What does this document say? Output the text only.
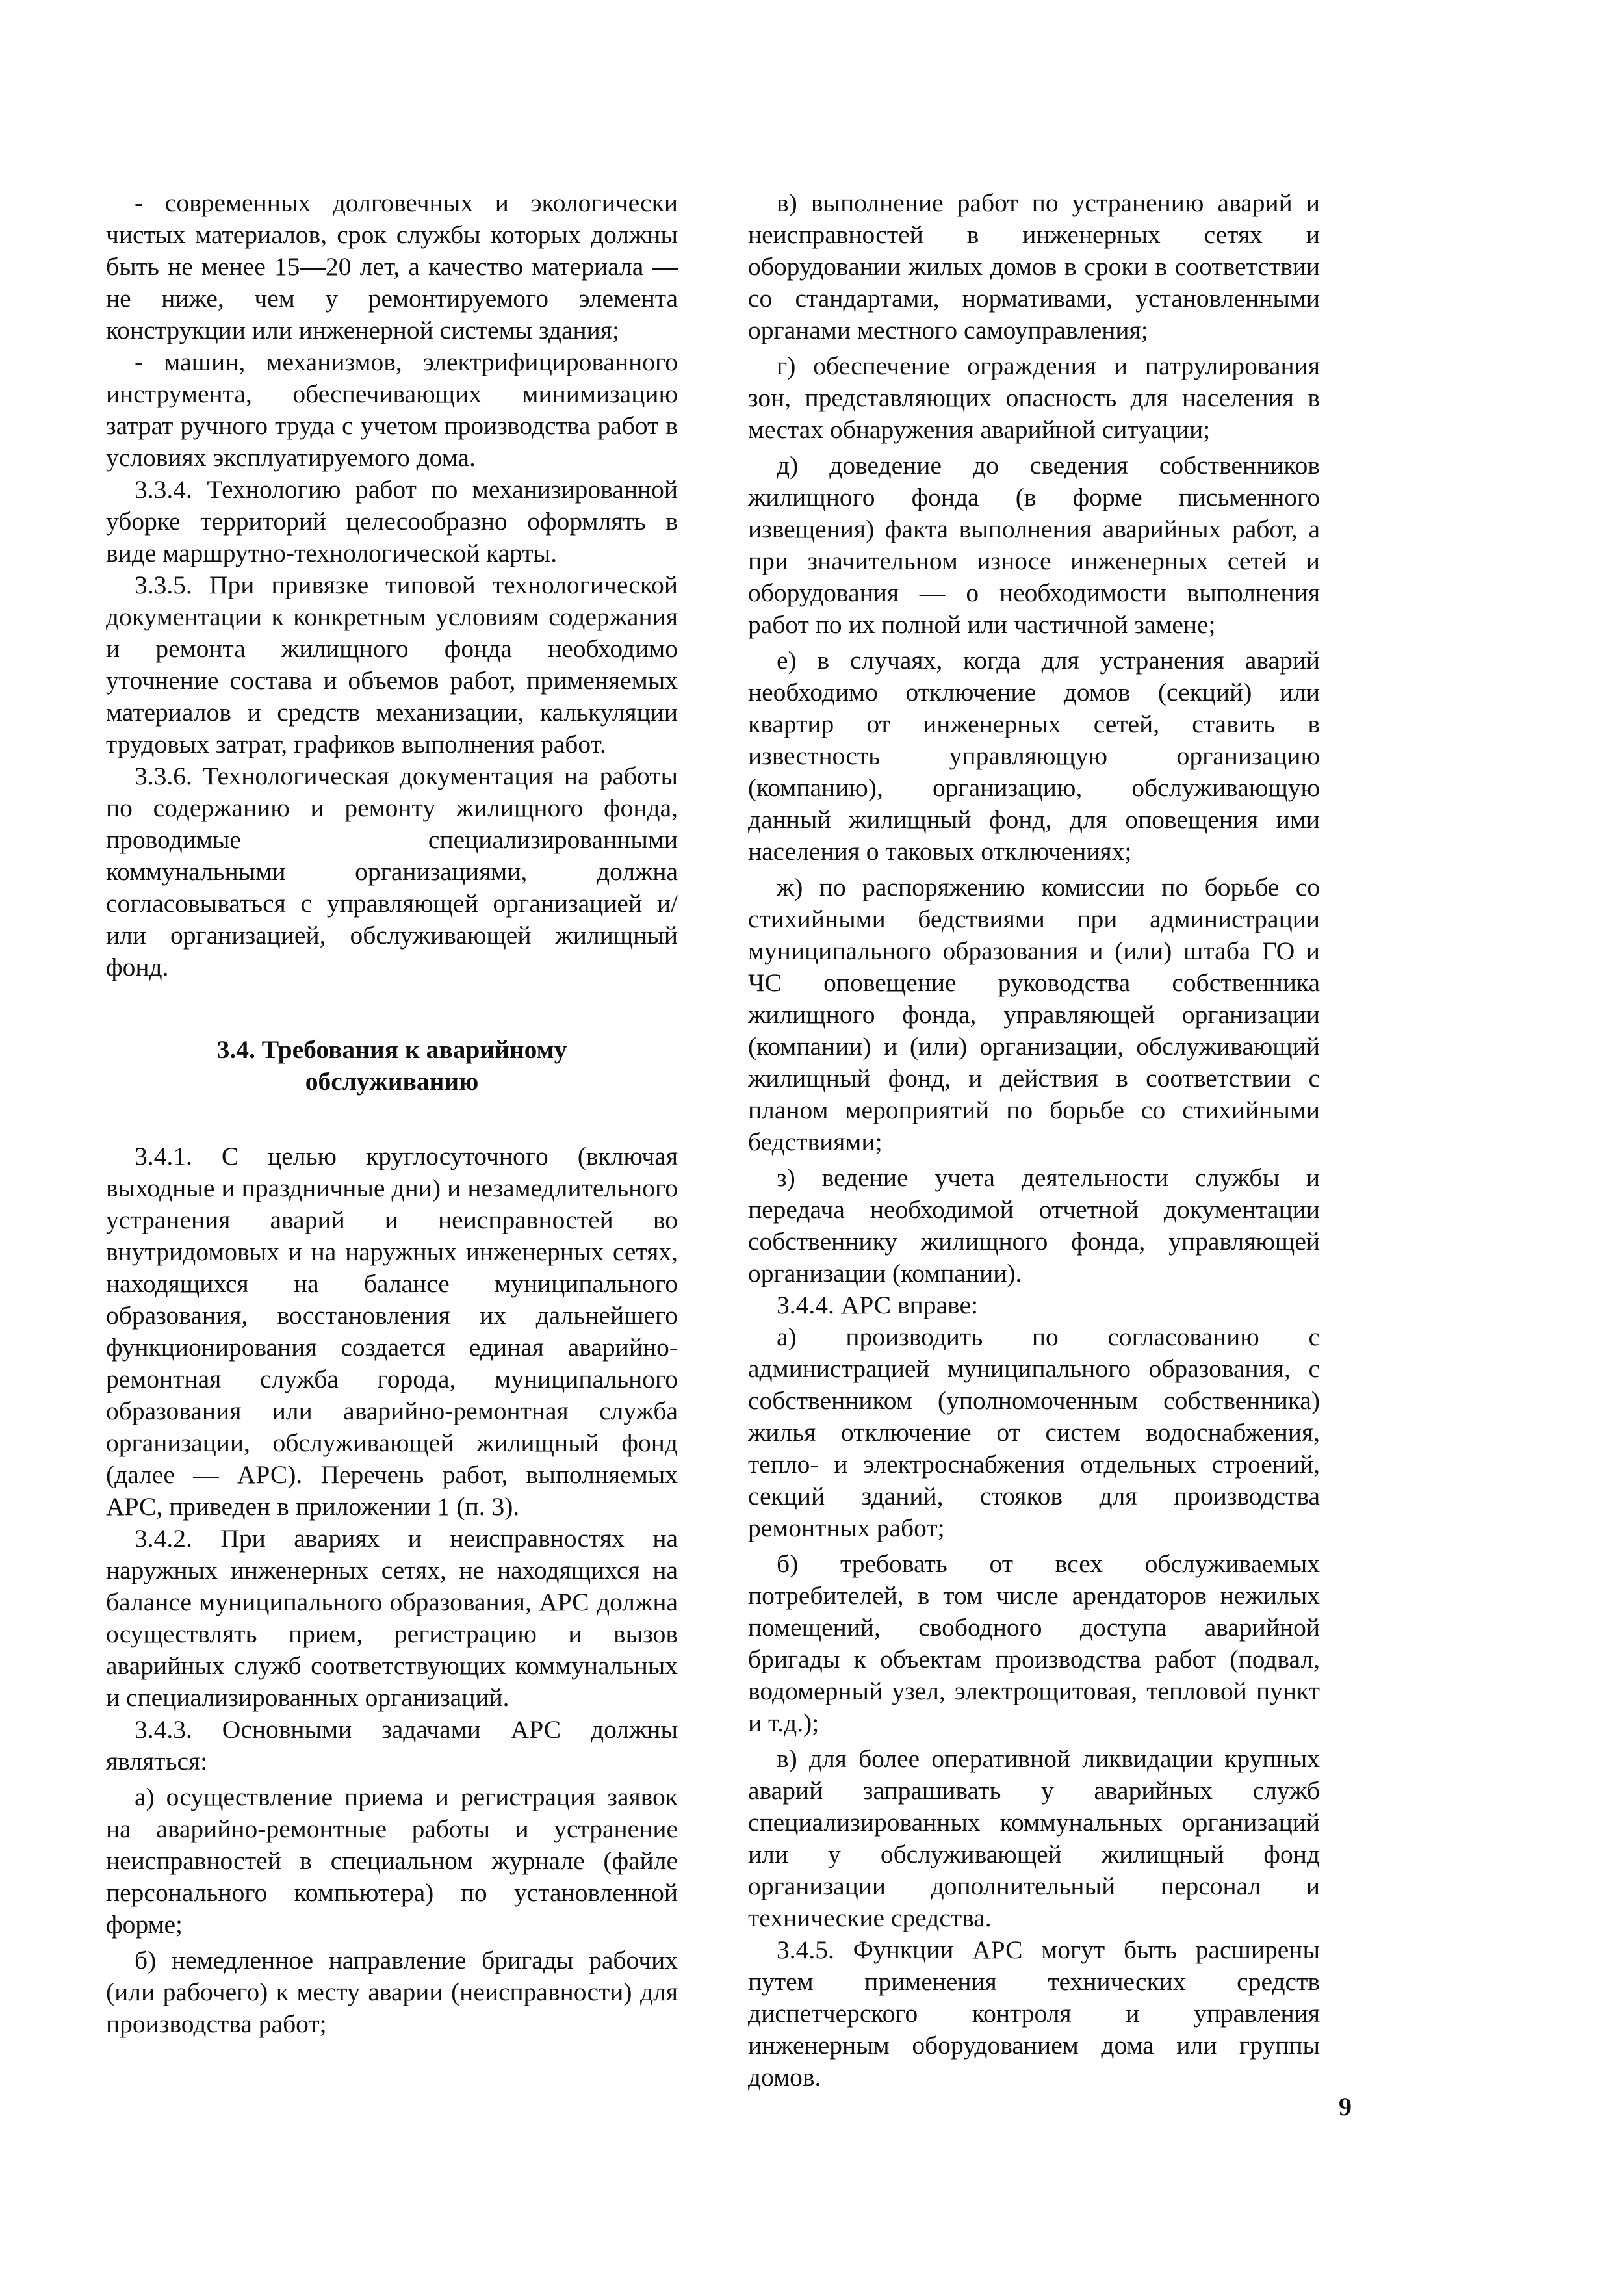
- современных долговечных и экологически чистых материалов, срок службы которых должны быть не менее 15—20 лет, а качество материала — не ниже, чем у ремонтируемого элемента конструкции или инженерной системы здания;

- машин, механизмов, электрифицированного инструмента, обеспечивающих минимизацию затрат ручного труда с учетом производства работ в условиях эксплуатируемого дома.

3.3.4. Технологию работ по механизированной уборке территорий целесообразно оформлять в виде маршрутно-технологической карты.

3.3.5. При привязке типовой технологической документации к конкретным условиям содержания и ремонта жилищного фонда необходимо уточнение состава и объемов работ, применяемых материалов и средств механизации, калькуляции трудовых затрат, графиков выполнения работ.

3.3.6. Технологическая документация на работы по содержанию и ремонту жилищного фонда, проводимые специализированными коммунальными организациями, должна согласовываться с управляющей организацией и/или организацией, обслуживающей жилищный фонд.

3.4. Требования к аварийному
обслуживанию

3.4.1. С целью круглосуточного (включая выходные и праздничные дни) и незамедлительного устранения аварий и неисправностей во внутридомовых и на наружных инженерных сетях, находящихся на балансе муниципального образования, восстановления их дальнейшего функционирования создается единая аварийно-ремонтная служба города, муниципального образования или аварийно-ремонтная служба организации, обслуживающей жилищный фонд (далее — АРС). Перечень работ, выполняемых АРС, приведен в приложении 1 (п. 3).

3.4.2. При авариях и неисправностях на наружных инженерных сетях, не находящихся на балансе муниципального образования, АРС должна осуществлять прием, регистрацию и вызов аварийных служб соответствующих коммунальных и специализированных организаций.

3.4.3. Основными задачами АРС должны являться:

а) осуществление приема и регистрация заявок на аварийно-ремонтные работы и устранение неисправностей в специальном журнале (файле персонального компьютера) по установленной форме;

б) немедленное направление бригады рабочих (или рабочего) к месту аварии (неисправности) для производства работ;

в) выполнение работ по устранению аварий и неисправностей в инженерных сетях и оборудовании жилых домов в сроки в соответствии со стандартами, нормативами, установленными органами местного самоуправления;

г) обеспечение ограждения и патрулирования зон, представляющих опасность для населения в местах обнаружения аварийной ситуации;

д) доведение до сведения собственников жилищного фонда (в форме письменного извещения) факта выполнения аварийных работ, а при значительном износе инженерных сетей и оборудования — о необходимости выполнения работ по их полной или частичной замене;

е) в случаях, когда для устранения аварий необходимо отключение домов (секций) или квартир от инженерных сетей, ставить в известность управляющую организацию (компанию), организацию, обслуживающую данный жилищный фонд, для оповещения ими населения о таковых отключениях;

ж) по распоряжению комиссии по борьбе со стихийными бедствиями при администрации муниципального образования и (или) штаба ГО и ЧС оповещение руководства собственника жилищного фонда, управляющей организации (компании) и (или) организации, обслуживающий жилищный фонд, и действия в соответствии с планом мероприятий по борьбе со стихийными бедствиями;

з) ведение учета деятельности службы и передача необходимой отчетной документации собственнику жилищного фонда, управляющей организации (компании).

3.4.4. АРС вправе:

а) производить по согласованию с администрацией муниципального образования, с собственником (уполномоченным собственника) жилья отключение от систем водоснабжения, тепло- и электроснабжения отдельных строений, секций зданий, стояков для производства ремонтных работ;

б) требовать от всех обслуживаемых потребителей, в том числе арендаторов нежилых помещений, свободного доступа аварийной бригады к объектам производства работ (подвал, водомерный узел, электрощитовая, тепловой пункт и т.д.);

в) для более оперативной ликвидации крупных аварий запрашивать у аварийных служб специализированных коммунальных организаций или у обслуживающей жилищный фонд организации дополнительный персонал и технические средства.

3.4.5. Функции АРС могут быть расширены путем применения технических средств диспетчерского контроля и управления инженерным оборудованием дома или группы домов.

9
